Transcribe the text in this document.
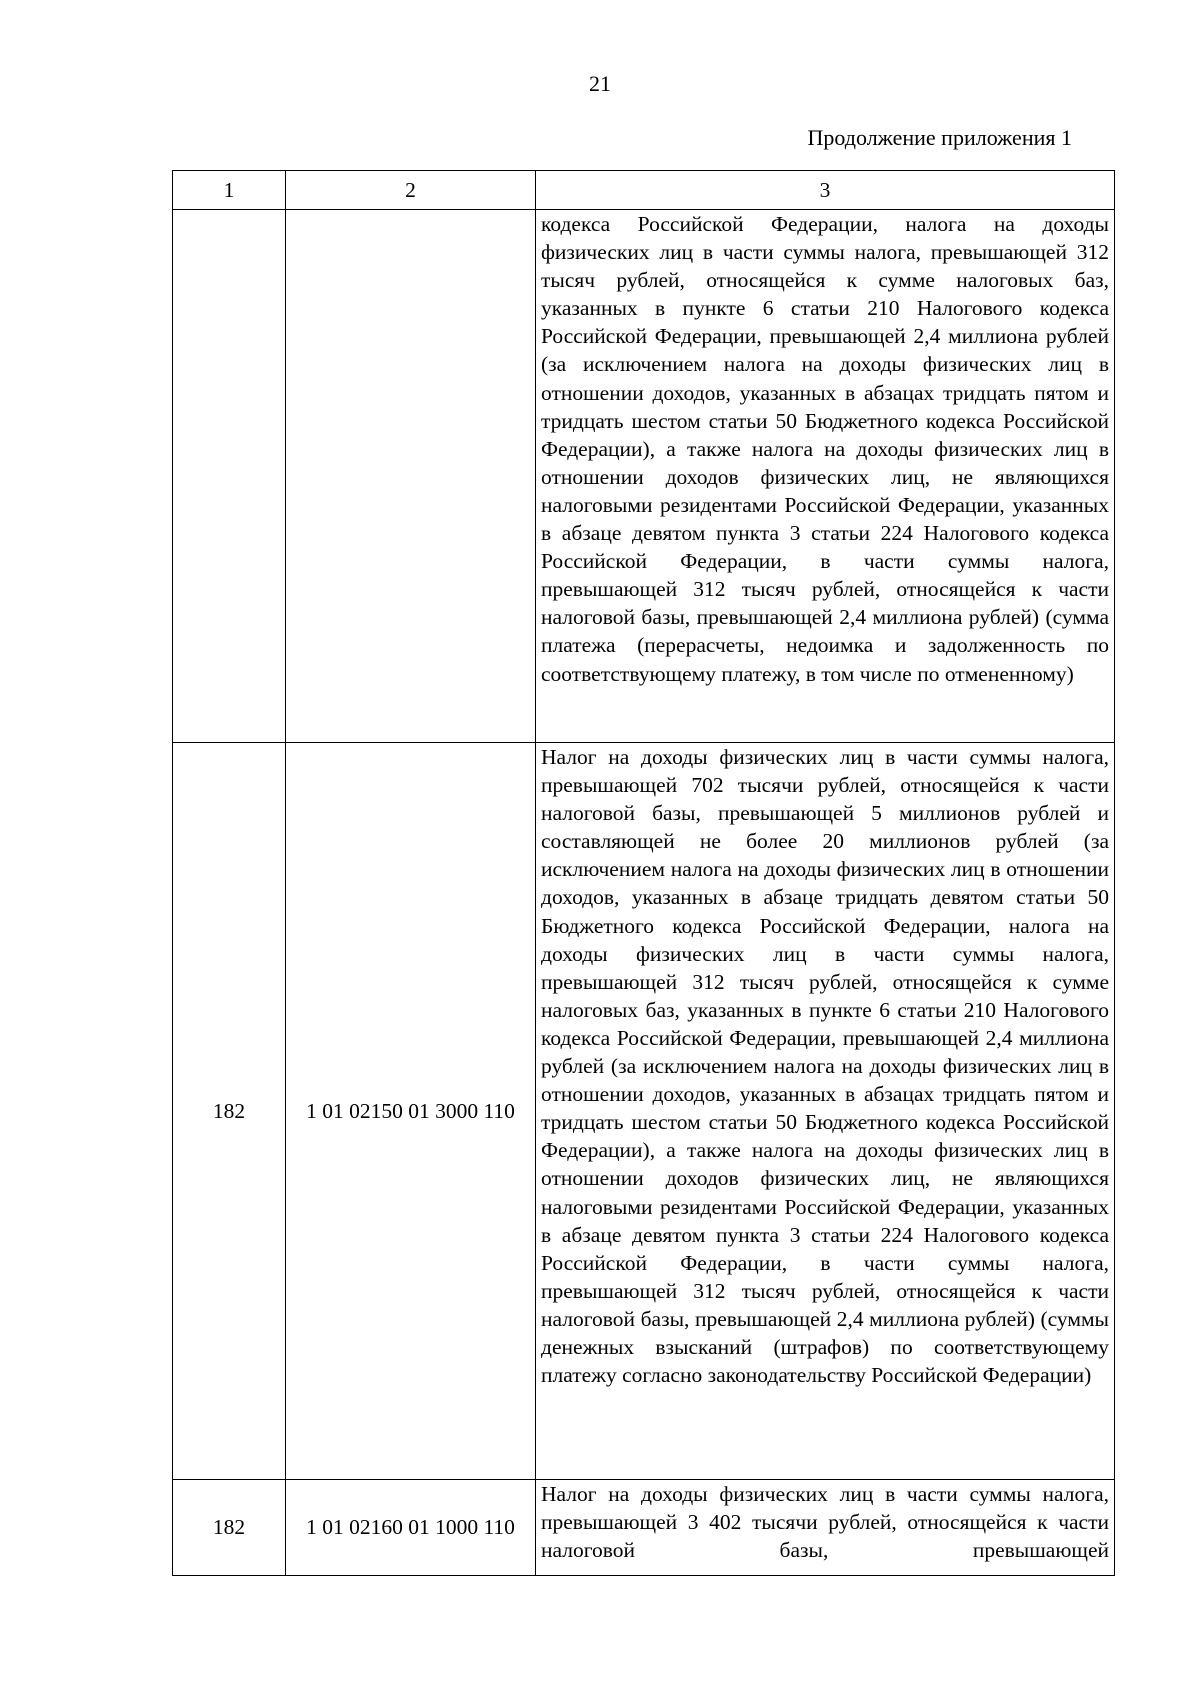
21
Продолжение приложения 1
1	2	3

		кодекса Российской Федерации, налога на доходы физических лиц в части суммы налога, превышающей 312 тысяч рублей, относящейся к сумме налоговых баз, указанных в пункте 6 статьи 210 Налогового кодекса Российской Федерации, превышающей 2,4 миллиона рублей (за исключением налога на доходы физических лиц в отношении доходов, указанных в абзацах тридцать пятом и тридцать шестом статьи 50 Бюджетного кодекса Российской Федерации), а также налога на доходы физических лиц в отношении доходов физических лиц, не являющихся налоговыми резидентами Российской Федерации, указанных в абзаце девятом пункта 3 статьи 224 Налогового кодекса Российской Федерации, в части суммы налога, превышающей 312 тысяч рублей, относящейся к части налоговой базы, превышающей 2,4 миллиона рублей) (сумма платежа (перерасчеты, недоимка и задолженность по соответствующему платежу, в том числе по отмененному)

182	1 01 02150 01 3000 110	Налог на доходы физических лиц в части суммы налога, превышающей 702 тысячи рублей, относящейся к части налоговой базы, превышающей 5 миллионов рублей и составляющей не более 20 миллионов рублей (за исключением налога на доходы физических лиц в отношении доходов, указанных в абзаце тридцать девятом статьи 50 Бюджетного кодекса Российской Федерации, налога на доходы физических лиц в части суммы налога, превышающей 312 тысяч рублей, относящейся к сумме налоговых баз, указанных в пункте 6 статьи 210 Налогового кодекса Российской Федерации, превышающей 2,4 миллиона рублей (за исключением налога на доходы физических лиц в отношении доходов, указанных в абзацах тридцать пятом и тридцать шестом статьи 50 Бюджетного кодекса Российской Федерации), а также налога на доходы физических лиц в отношении доходов физических лиц, не являющихся налоговыми резидентами Российской Федерации, указанных в абзаце девятом пункта 3 статьи 224 Налогового кодекса Российской Федерации, в части суммы налога, превышающей 312 тысяч рублей, относящейся к части налоговой базы, превышающей 2,4 миллиона рублей) (суммы денежных взысканий (штрафов) по соответствующему платежу согласно законодательству Российской Федерации)

182	1 01 02160 01 1000 110	Налог на доходы физических лиц в части суммы налога, превышающей 3 402 тысячи рублей, относящейся к части налоговой базы, превышающей
